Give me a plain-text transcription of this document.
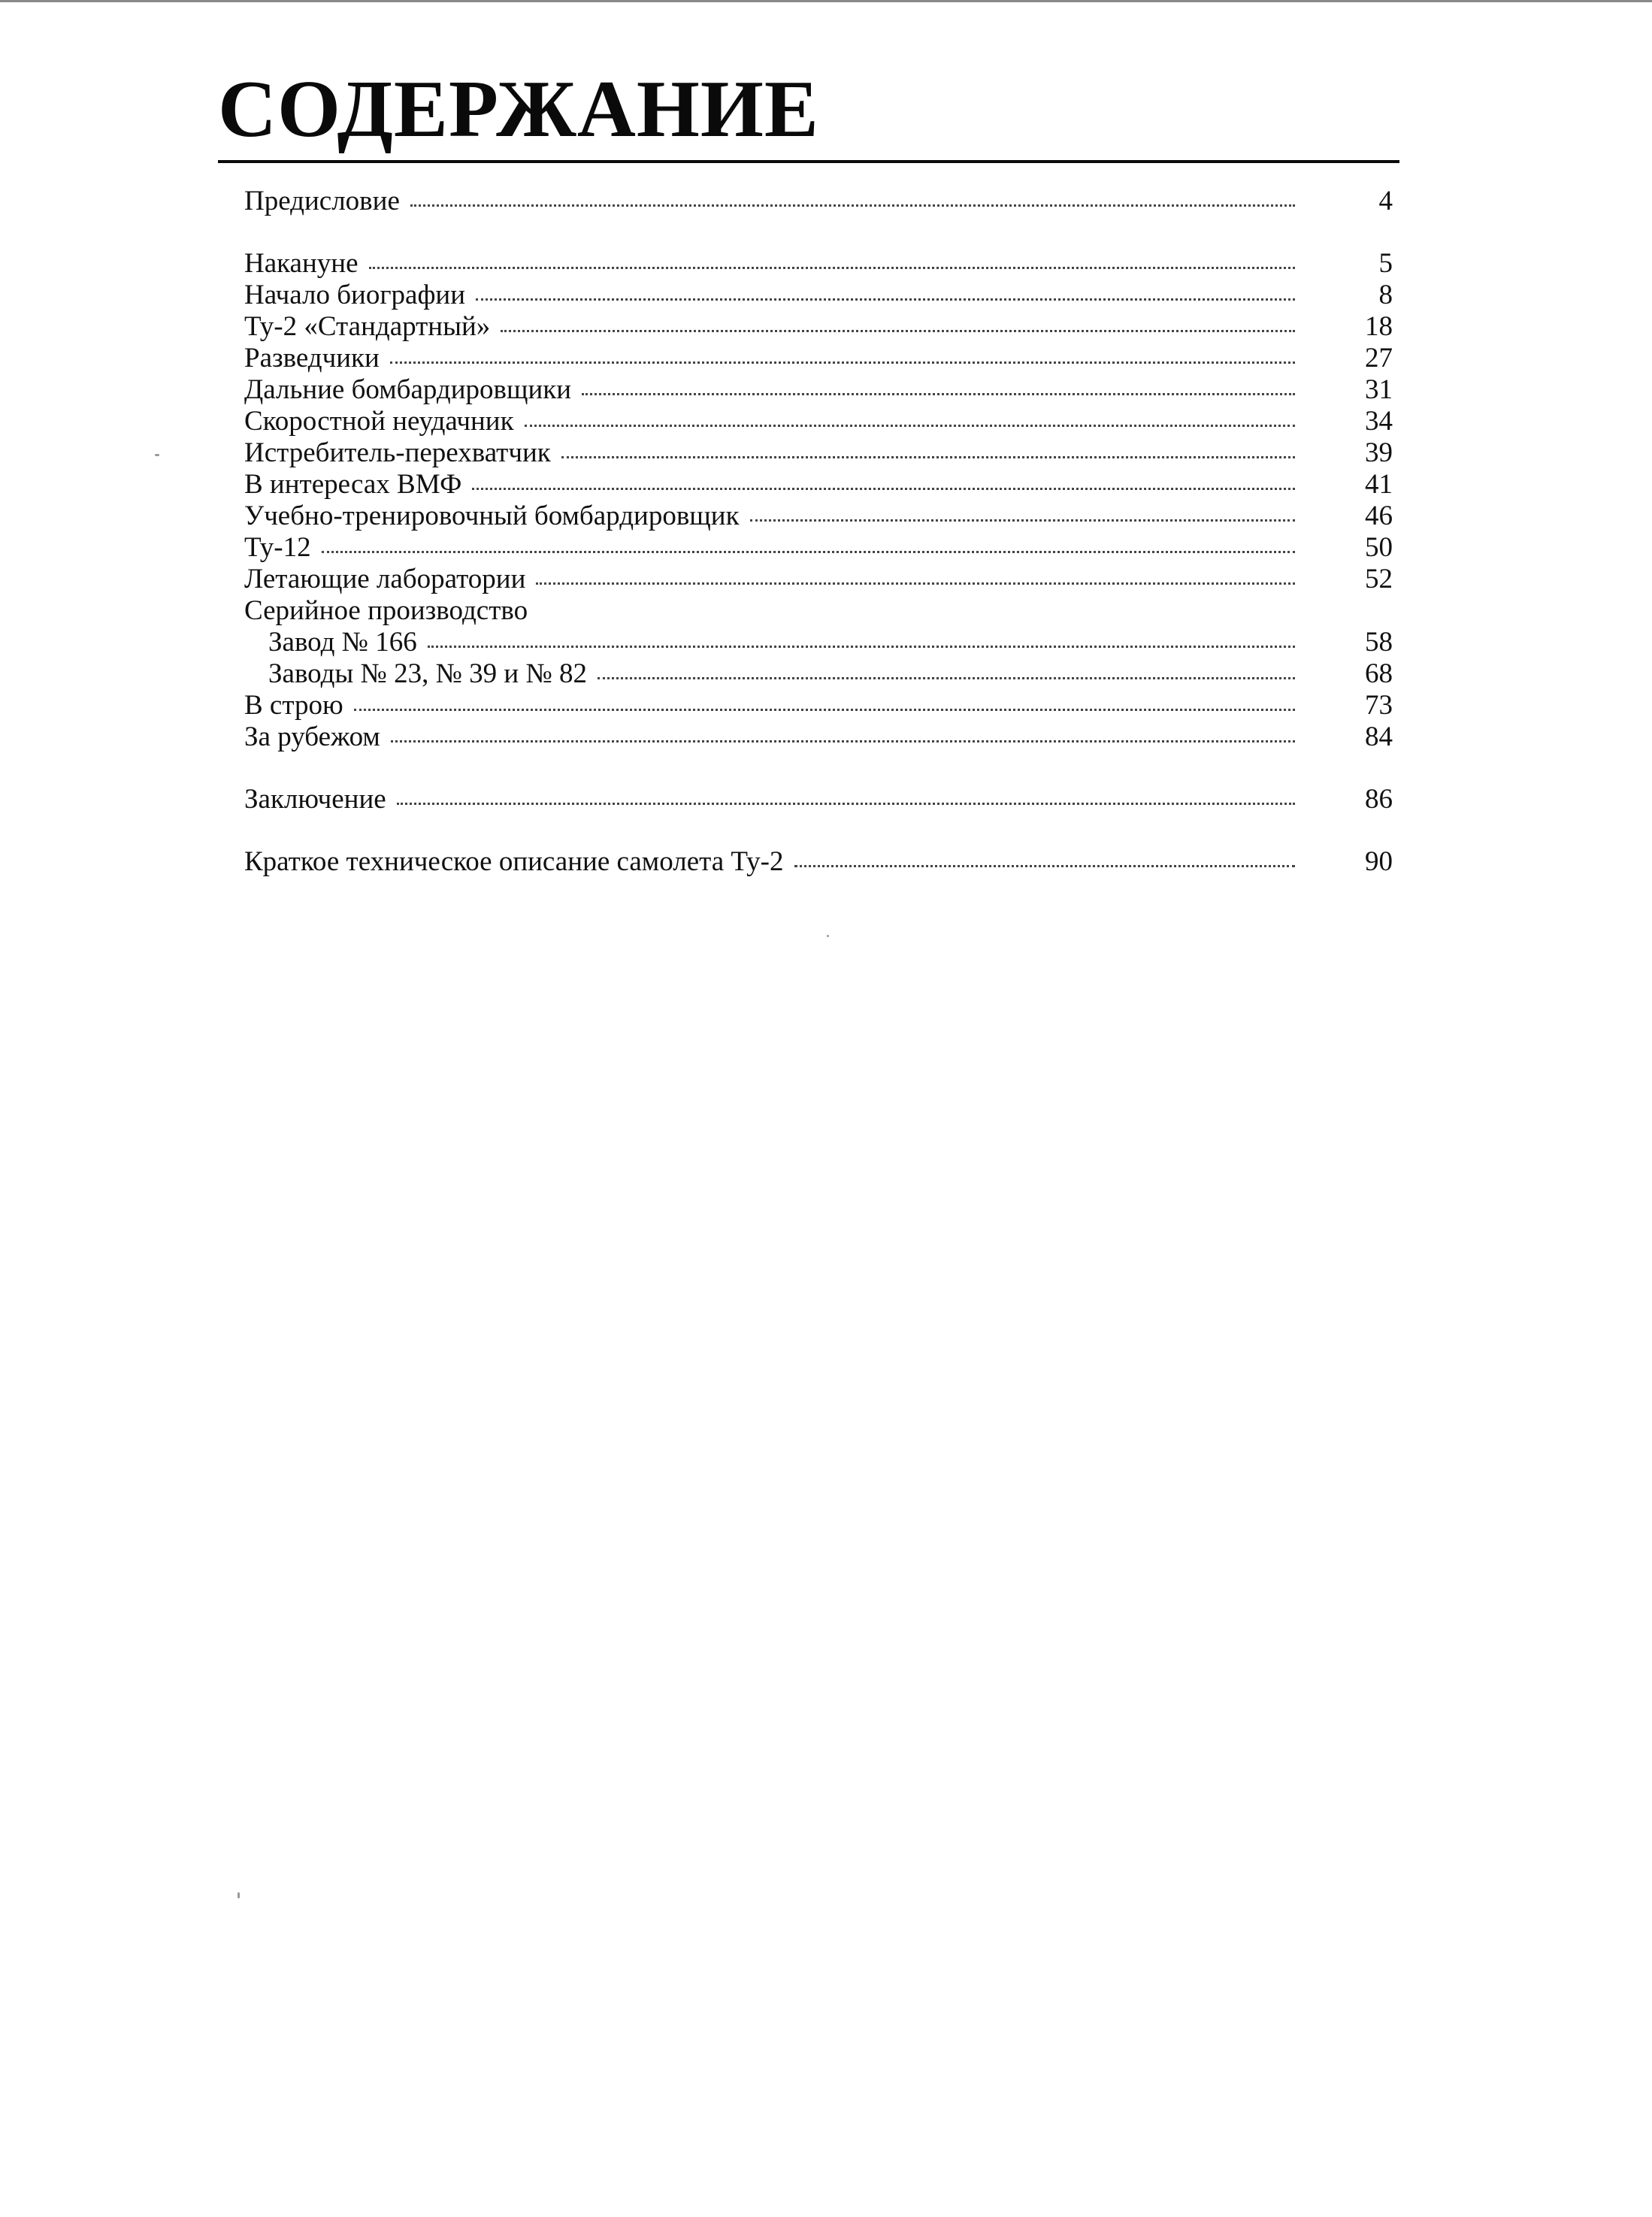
СОДЕРЖАНИЕ
Предисловие	4
Накануне	5
Начало биографии	8
Ту-2 «Стандартный»	18
Разведчики	27
Дальние бомбардировщики	31
Скоростной неудачник	34
Истребитель-перехватчик	39
В интересах ВМФ	41
Учебно-тренировочный бомбардировщик	46
Ту-12	50
Летающие лаборатории	52
Серийное производство
Завод № 166	58
Заводы № 23, № 39 и № 82	68
В строю	73
За рубежом	84
Заключение	86
Краткое техническое описание самолета Ту-2	90
